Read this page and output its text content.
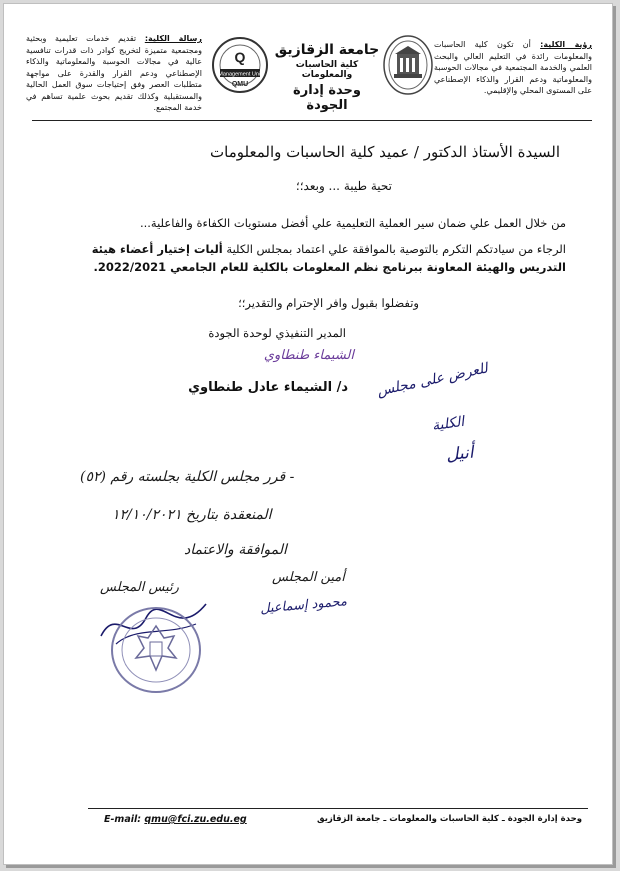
رؤية الكلية: أن تكون كلية الحاسبات والمعلومات رائدة في التعليم العالي والبحث العلمي والخدمة المجتمعية في مجالات الحوسبة والمعلوماتية ودعم القرار والذكاء الإصطناعي على المستوى المحلي والإقليمي.
جامعة الزقازيق
كلية الحاسبات والمعلومات
وحدة إدارة الجودة
Q
Management Unit
QMU
رسالة الكلية: تقديم خدمات تعليمية وبحثية ومجتمعية متميزة لتخريج كوادر ذات قدرات تنافسية عالية في مجالات الحوسبة والمعلوماتية والذكاء الإصطناعي ودعم القرار والقدرة على مواجهة متطلبات العصر وفق إحتياجات سوق العمل الحالية والمستقبلية وكذلك تقديم بحوث علمية تساهم في خدمة المجتمع.
السيدة الأستاذ الدكتور / عميد كلية الحاسبات والمعلومات
تحية طيبة ... وبعد؛؛
من خلال العمل علي ضمان سير العملية التعليمية علي أفضل مستويات الكفاءة والفاعلية...
الرجاء من سيادتكم التكرم بالتوصية بالموافقة علي اعتماد بمجلس الكلية أليات إختيار أعضاء هيئة التدريس والهيئة المعاونة ببرنامج نظم المعلومات بالكلية للعام الجامعي 2022/2021.
وتفضلوا بقبول وافر الإحترام والتقدير؛؛
المدير التنفيذي لوحدة الجودة
الشيماء طنطاوي
د/ الشيماء عادل طنطاوي للعرض على مجلس
الكلية
أنيل
- قرر مجلس الكلية بجلسته رقم (٥٢)
المنعقدة بتاريخ ١٢/١٠/٢٠٢١
الموافقة والاعتماد
أمين المجلس
رئيس المجلس
محمود إسماعيل
وحدة إدارة الجودة ـ كلية الحاسبات والمعلومات ـ جامعة الزقازيق
E-mail: qmu@fci.zu.edu.eg
